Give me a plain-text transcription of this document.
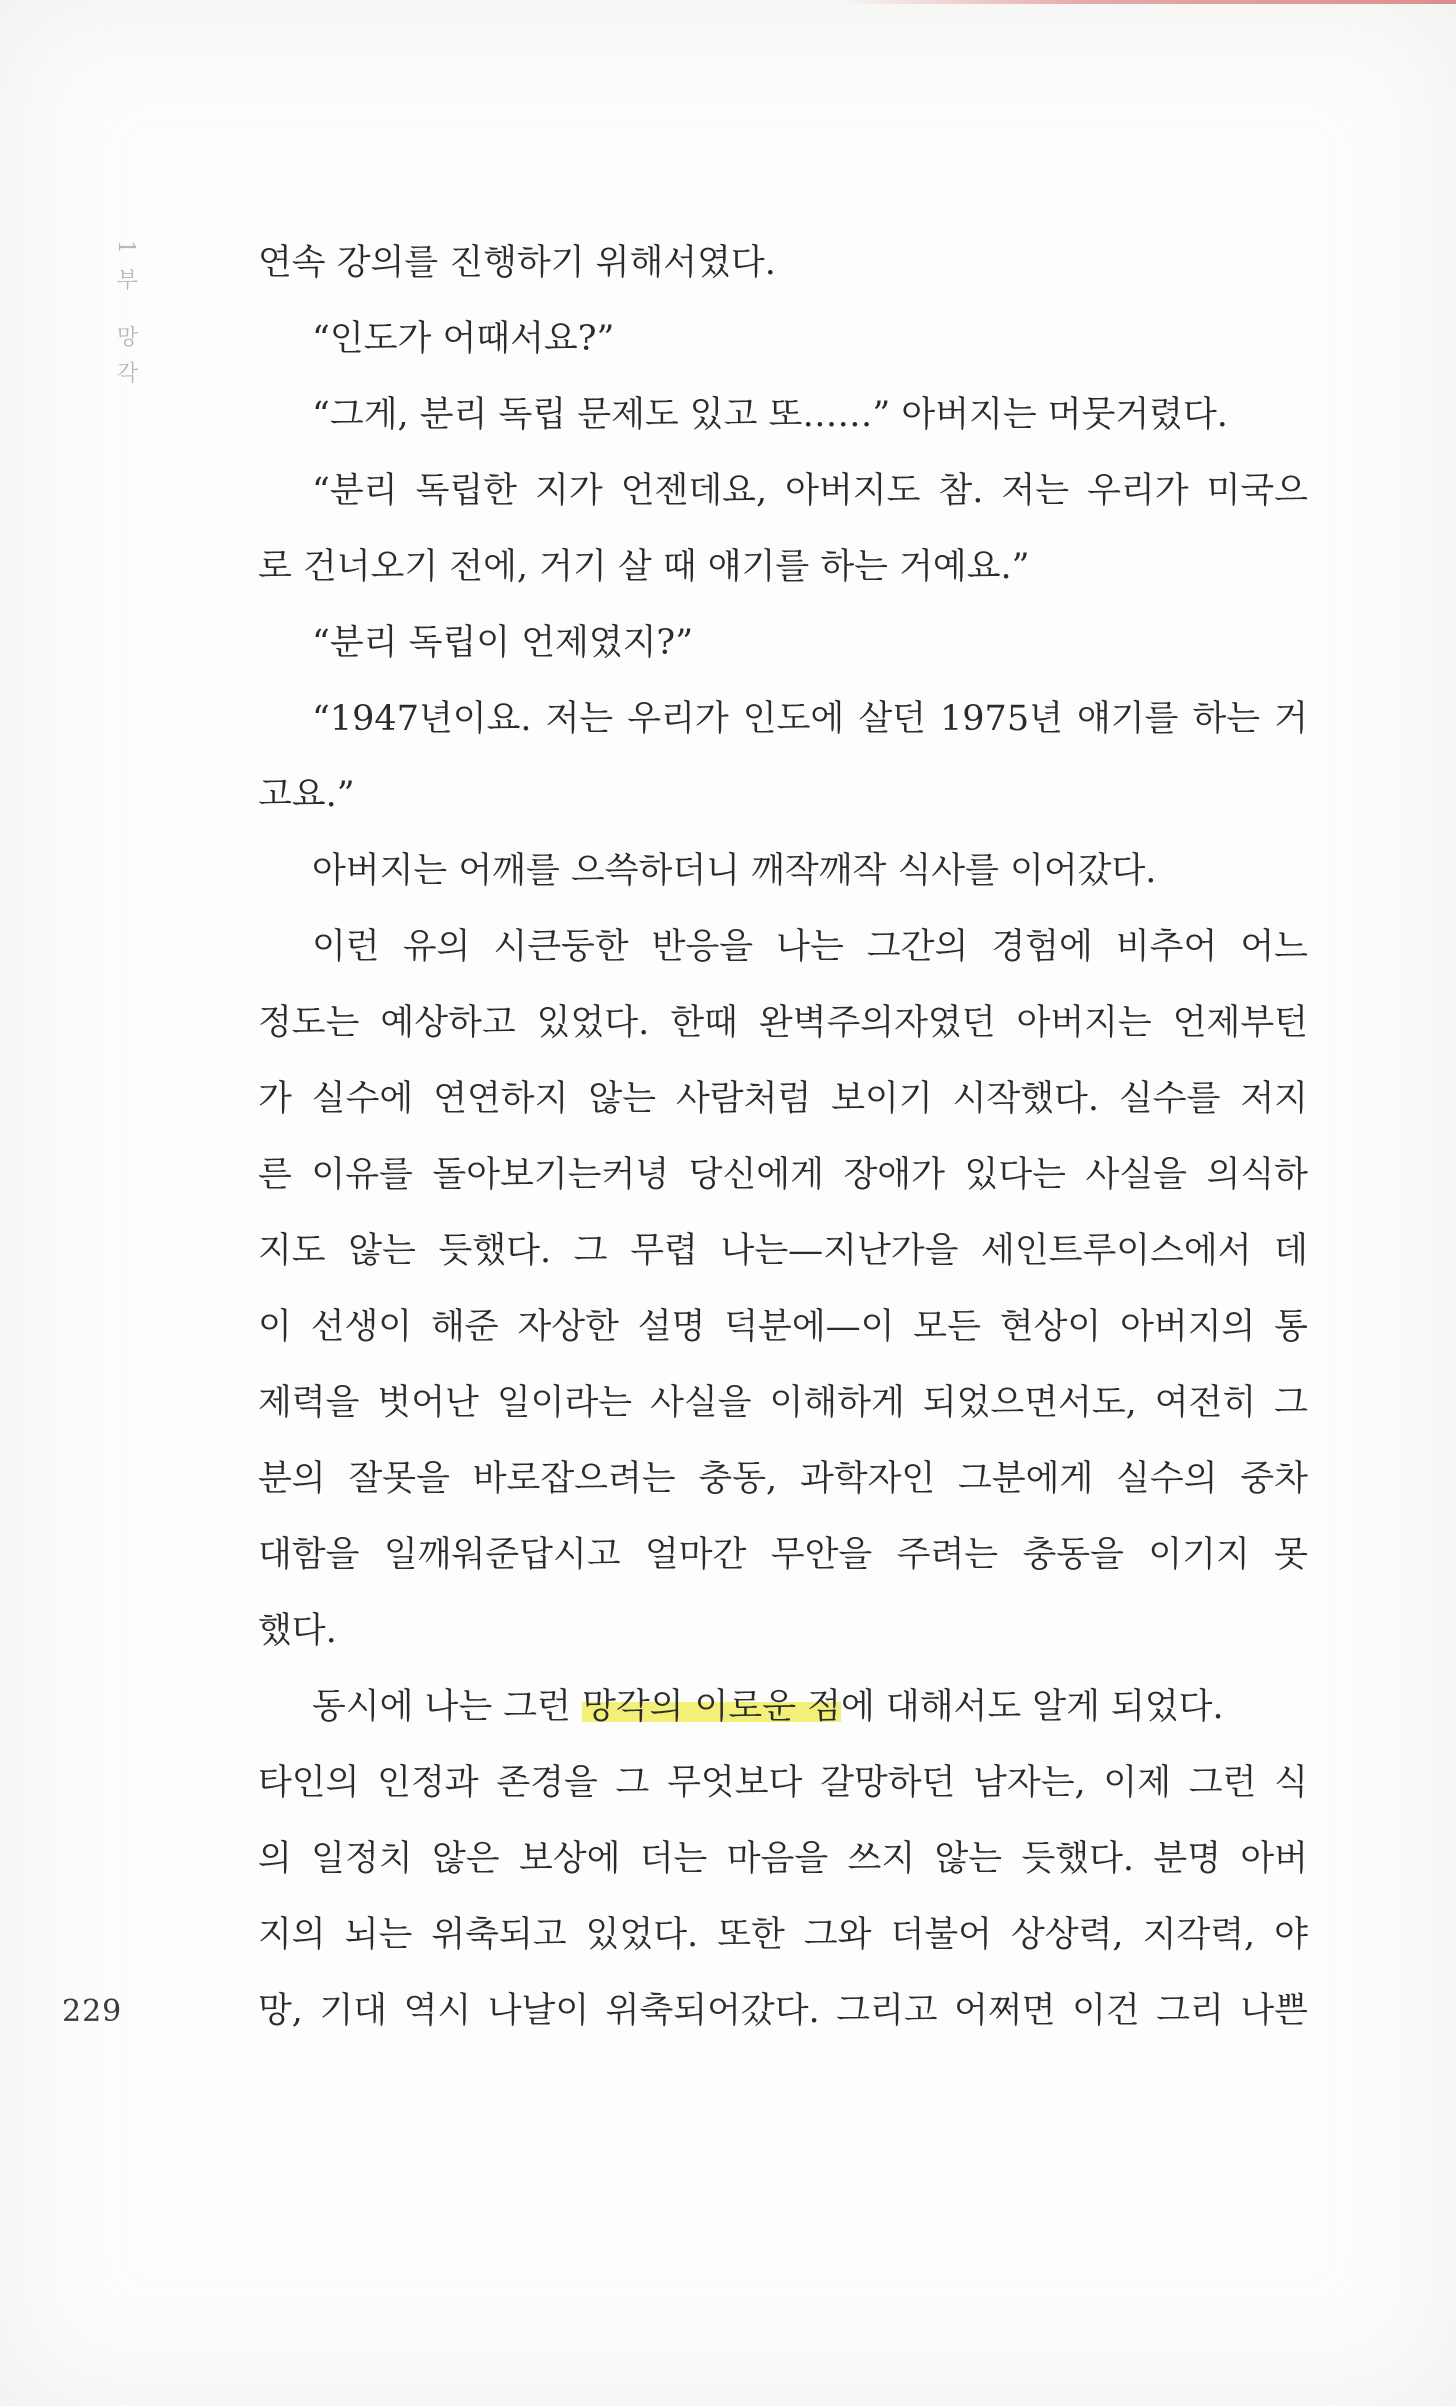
1부 망각	연속 강의를 진행하기 위해서였다.
“인도가 어때서요?”
“그게, 분리 독립 문제도 있고 또……” 아버지는 머뭇거렸다.
“분리 독립한 지가 언젠데요, 아버지도 참. 저는 우리가 미국으
로 건너오기 전에, 거기 살 때 얘기를 하는 거예요.”
“분리 독립이 언제였지?”
“1947년이요. 저는 우리가 인도에 살던 1975년 얘기를 하는 거
고요.”
아버지는 어깨를 으쓱하더니 깨작깨작 식사를 이어갔다.
이런 유의 시큰둥한 반응을 나는 그간의 경험에 비추어 어느
정도는 예상하고 있었다. 한때 완벽주의자였던 아버지는 언제부턴
가 실수에 연연하지 않는 사람처럼 보이기 시작했다. 실수를 저지
른 이유를 돌아보기는커녕 당신에게 장애가 있다는 사실을 의식하
지도 않는 듯했다. 그 무렵 나는—지난가을 세인트루이스에서 데
이 선생이 해준 자상한 설명 덕분에—이 모든 현상이 아버지의 통
제력을 벗어난 일이라는 사실을 이해하게 되었으면서도, 여전히 그
분의 잘못을 바로잡으려는 충동, 과학자인 그분에게 실수의 중차
대함을 일깨워준답시고 얼마간 무안을 주려는 충동을 이기지 못
했다.
동시에 나는 그런 망각의 이로운 점에 대해서도 알게 되었다.
타인의 인정과 존경을 그 무엇보다 갈망하던 남자는, 이제 그런 식
의 일정치 않은 보상에 더는 마음을 쓰지 않는 듯했다. 분명 아버
지의 뇌는 위축되고 있었다. 또한 그와 더불어 상상력, 지각력, 야
망, 기대 역시 나날이 위축되어갔다. 그리고 어쩌면 이건 그리 나쁜
229
